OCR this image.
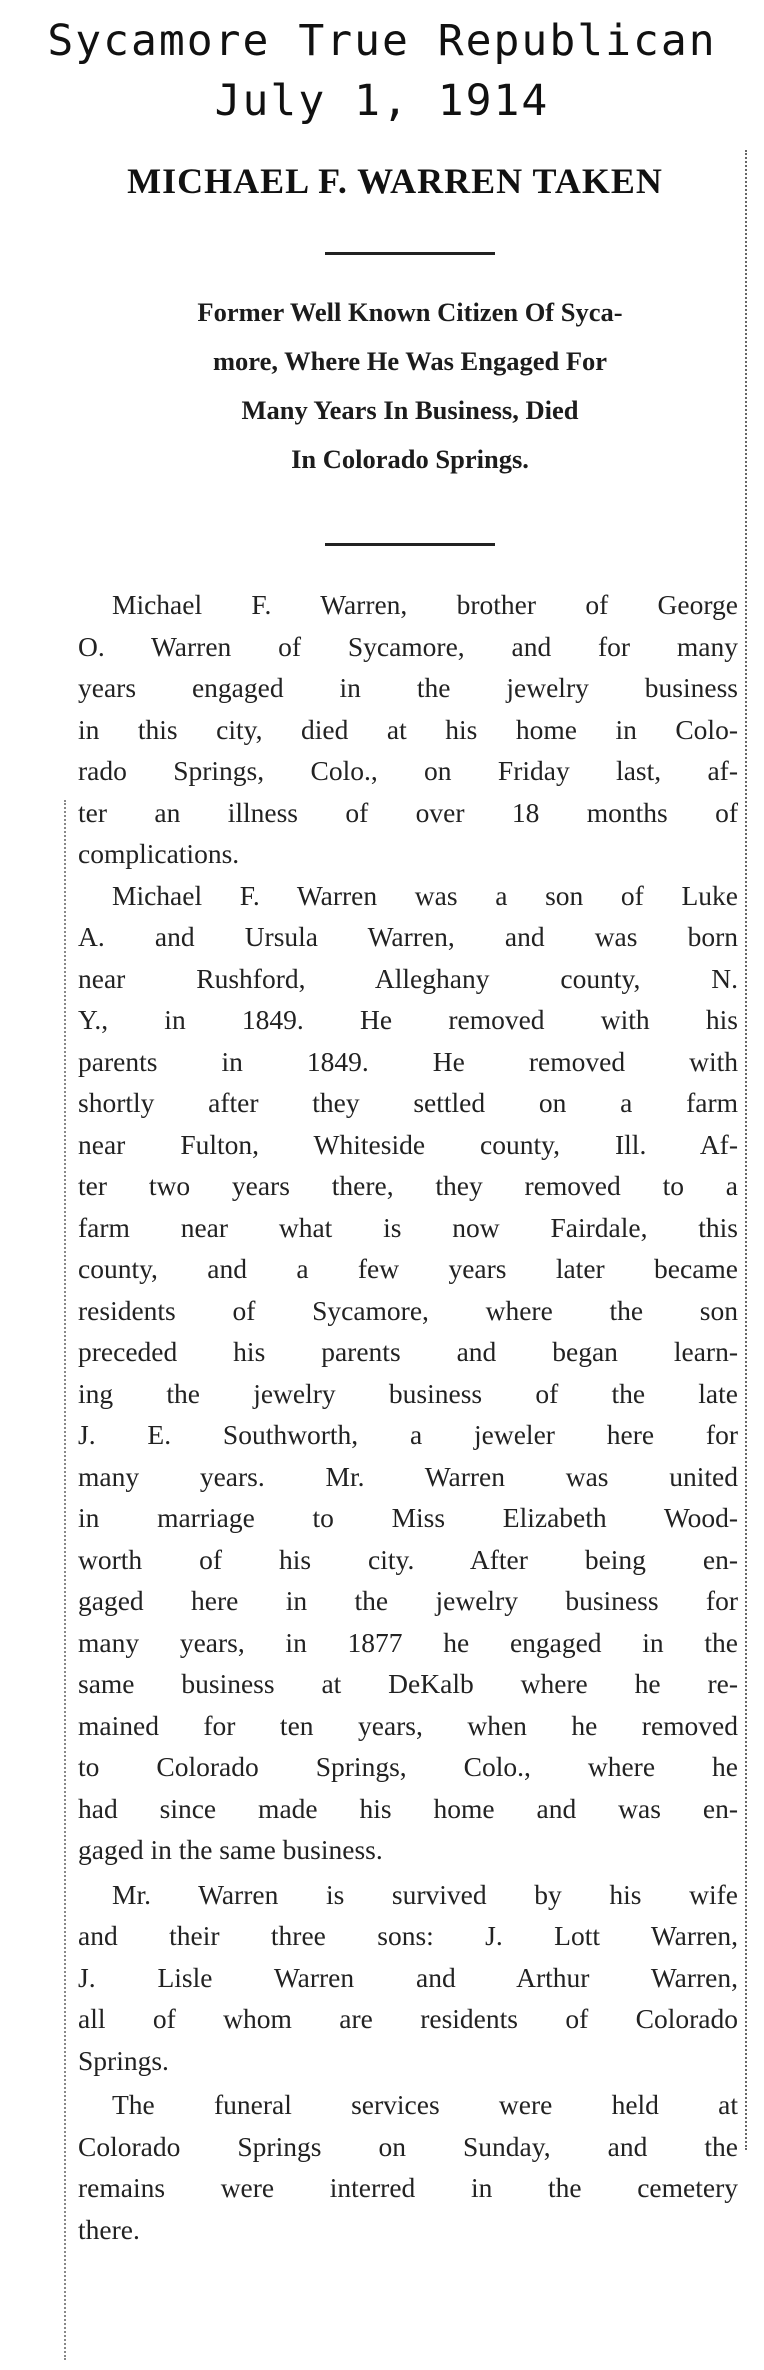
Sycamore True Republican
July 1, 1914
MICHAEL F. WARREN TAKEN
Former Well Known Citizen Of Syca-
more, Where He Was Engaged For
Many Years In Business, Died
In Colorado Springs.
Michael F. Warren, brother of George
O. Warren of Sycamore, and for many
years engaged in the jewelry business
in this city, died at his home in Colo-
rado Springs, Colo., on Friday last, af-
ter an illness of over 18 months of
complications.
Michael F. Warren was a son of Luke
A. and Ursula Warren, and was born
near Rushford, Alleghany county, N.
Y., in 1849. He removed with his
parents in 1849. He removed with
shortly after they settled on a farm
near Fulton, Whiteside county, Ill. Af-
ter two years there, they removed to a
farm near what is now Fairdale, this
county, and a few years later became
residents of Sycamore, where the son
preceded his parents and began learn-
ing the jewelry business of the late
J. E. Southworth, a jeweler here for
many years. Mr. Warren was united
in marriage to Miss Elizabeth Wood-
worth of his city. After being en-
gaged here in the jewelry business for
many years, in 1877 he engaged in the
same business at DeKalb where he re-
mained for ten years, when he removed
to Colorado Springs, Colo., where he
had since made his home and was en-
gaged in the same business.
Mr. Warren is survived by his wife
and their three sons: J. Lott Warren,
J. Lisle Warren and Arthur Warren,
all of whom are residents of Colorado
Springs.
The funeral services were held at
Colorado Springs on Sunday, and the
remains were interred in the cemetery
there.
